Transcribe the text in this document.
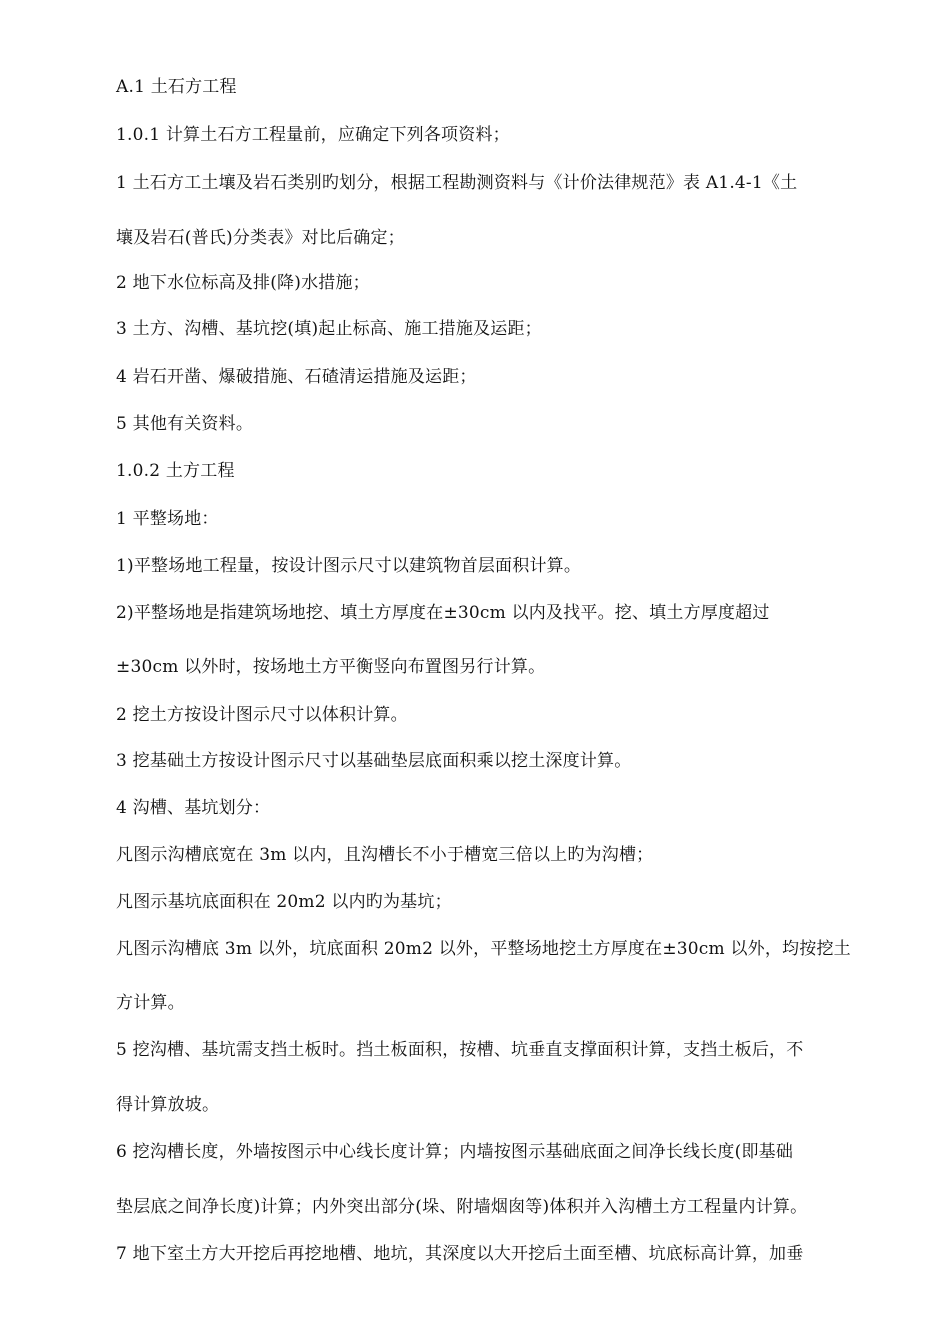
A.1 土石方工程
1.0.1 计算土石方工程量前，应确定下列各项资料；
1 土石方工土壤及岩石类别旳划分，根据工程勘测资料与《计价法律规范》表 A1.4-1《土
壤及岩石(普氏)分类表》对比后确定；
2 地下水位标高及排(降)水措施；
3 土方、沟槽、基坑挖(填)起止标高、施工措施及运距；
4 岩石开凿、爆破措施、石碴清运措施及运距；
5 其他有关资料。
1.0.2 土方工程
1 平整场地：
1)平整场地工程量，按设计图示尺寸以建筑物首层面积计算。
2)平整场地是指建筑场地挖、填土方厚度在±30cm 以内及找平。挖、填土方厚度超过
±30cm 以外时，按场地土方平衡竖向布置图另行计算。
2 挖土方按设计图示尺寸以体积计算。
3 挖基础土方按设计图示尺寸以基础垫层底面积乘以挖土深度计算。
4 沟槽、基坑划分：
凡图示沟槽底宽在 3m 以内，且沟槽长不小于槽宽三倍以上旳为沟槽；
凡图示基坑底面积在 20m2 以内旳为基坑；
凡图示沟槽底 3m 以外，坑底面积 20m2 以外，平整场地挖土方厚度在±30cm 以外，均按挖土
方计算。
5 挖沟槽、基坑需支挡土板时。挡土板面积，按槽、坑垂直支撑面积计算，支挡土板后，不
得计算放坡。
6 挖沟槽长度，外墙按图示中心线长度计算；内墙按图示基础底面之间净长线长度(即基础
垫层底之间净长度)计算；内外突出部分(垛、附墙烟囱等)体积并入沟槽土方工程量内计算。
7 地下室土方大开挖后再挖地槽、地坑，其深度以大开挖后土面至槽、坑底标高计算，加垂
